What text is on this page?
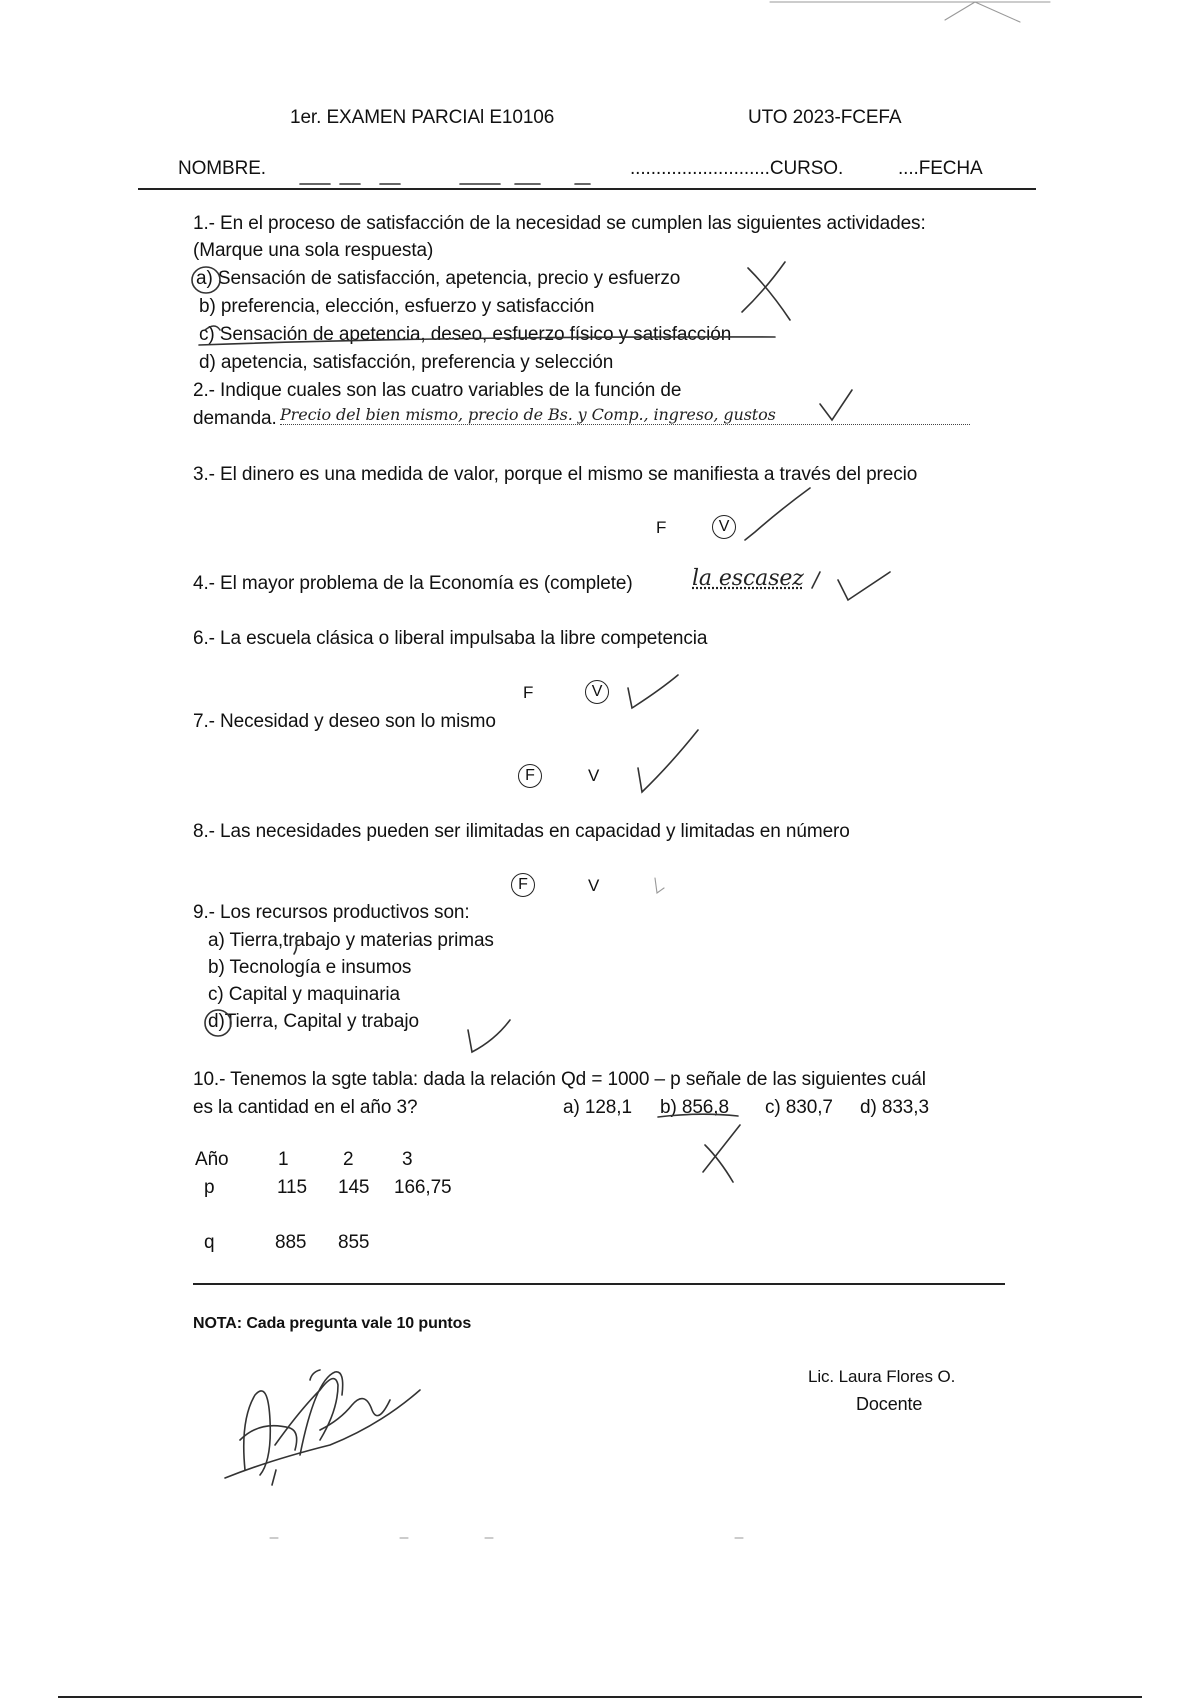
1er. EXAMEN PARCIAl E10106	UTO 2023-FCEFA
NOMBRE.	...........................CURSO.	....FECHA
1.- En el proceso de satisfacción de la necesidad se cumplen las siguientes actividades:
(Marque una sola respuesta)
a) Sensación de satisfacción, apetencia, precio y esfuerzo
b) preferencia, elección, esfuerzo y satisfacción
c) Sensación de apetencia, deseo, esfuerzo físico y satisfacción
d) apetencia, satisfacción, preferencia y selección
2.- Indique cuales son las cuatro variables de la función de
demanda. Precio del bien mismo, precio de Bs. y Comp., ingreso, gustos
3.- El dinero es una medida de valor, porque el mismo se manifiesta a través del precio
F	V
4.- El mayor problema de la Economía es (complete)	la escasez
6.- La escuela clásica o liberal impulsaba la libre competencia
F	V
7.- Necesidad y deseo son lo mismo
F	V
8.- Las necesidades pueden ser ilimitadas en capacidad y limitadas en número
F	V
9.- Los recursos productivos son:
a) Tierra,trabajo y materias primas
b) Tecnología e insumos
c) Capital y maquinaria
d)Tierra, Capital y trabajo
10.- Tenemos la sgte tabla: dada la relación Qd = 1000 – p señale de las siguientes cuál
es la cantidad en el año 3?	a) 128,1 b) 856,8 c) 830,7 d) 833,3
Año	1	2	3
p	115 145 166,75
q	885 855
NOTA: Cada pregunta vale 10 puntos
Lic. Laura Flores O.
Docente
